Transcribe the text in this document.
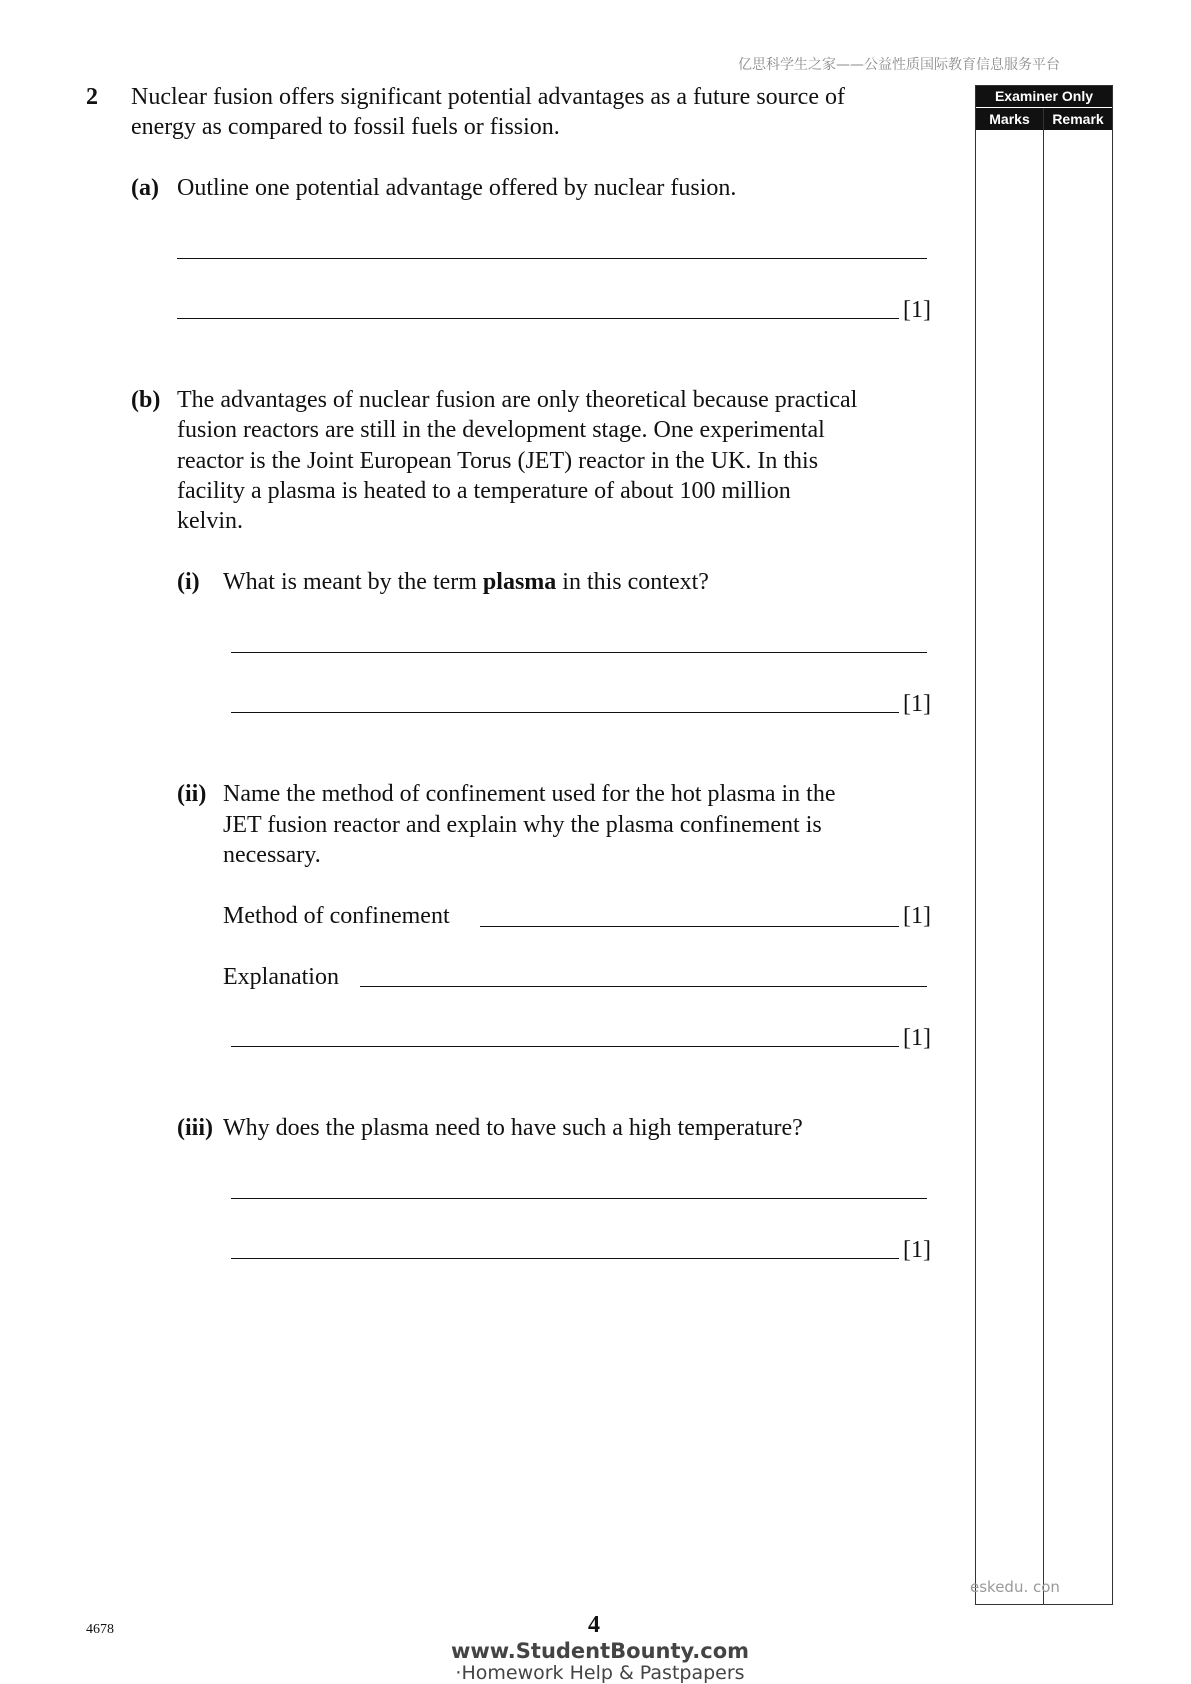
亿思科学生之家——公益性质国际教育信息服务平台
Examiner Only
Marks	Remark
2 Nuclear fusion offers significant potential advantages as a future source of
energy as compared to fossil fuels or fission.
(a) Outline one potential advantage offered by nuclear fusion.
[1]
(b) The advantages of nuclear fusion are only theoretical because practical
fusion reactors are still in the development stage. One experimental
reactor is the Joint European Torus (JET) reactor in the UK. In this
facility a plasma is heated to a temperature of about 100 million
kelvin.
(i) What is meant by the term plasma in this context?
[1]
(ii) Name the method of confinement used for the hot plasma in the
JET fusion reactor and explain why the plasma confinement is
necessary.
Method of confinement	[1]
Explanation
[1]
(iii) Why does the plasma need to have such a high temperature?
[1]
eskedu. con
4678	4
www.StudentBounty.com
·Homework Help & Pastpapers
